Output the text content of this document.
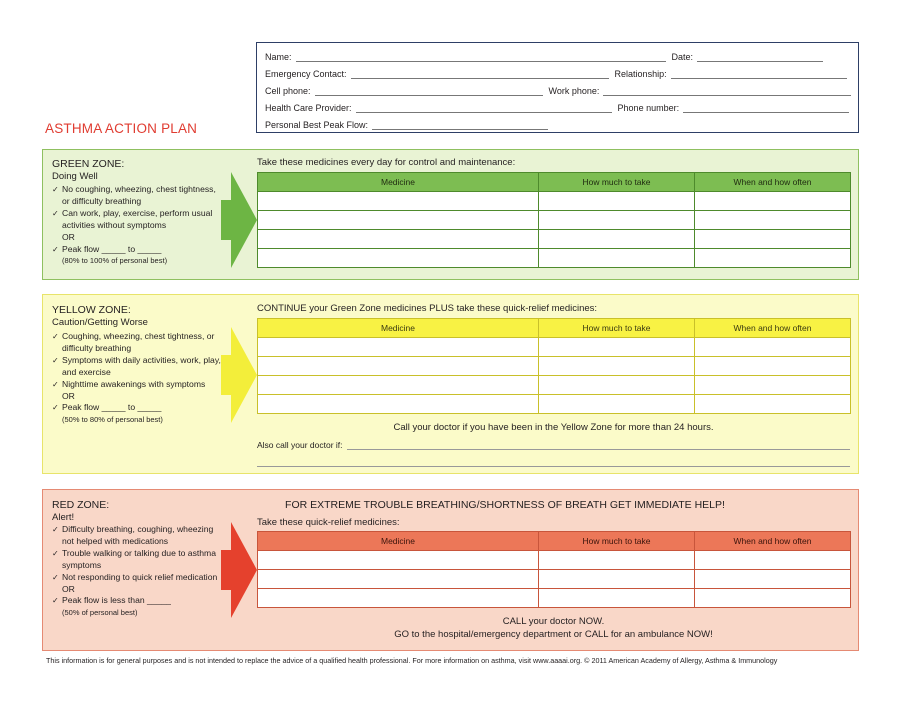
Name:	Date:
Emergency Contact:	Relationship:
Cell phone:	Work phone:
Health Care Provider:	Phone number:
Personal Best Peak Flow:
ASTHMA ACTION PLAN
GREEN ZONE:
Doing Well
✓ No coughing, wheezing, chest tightness, or difficulty breathing
✓ Can work, play, exercise, perform usual activities without symptoms
OR
✓ Peak flow _____ to _____
(80% to 100% of personal best)
Take these medicines every day for control and maintenance:
Medicine	How much to take	When and how often

YELLOW ZONE:
Caution/Getting Worse
✓ Coughing, wheezing, chest tightness, or difficulty breathing
✓ Symptoms with daily activities, work, play, and exercise
✓ Nighttime awakenings with symptoms
OR
✓ Peak flow _____ to _____
(50% to 80% of personal best)
CONTINUE your Green Zone medicines PLUS take these quick-relief medicines:
Medicine	How much to take	When and how often

Call your doctor if you have been in the Yellow Zone for more than 24 hours.
Also call your doctor if:
RED ZONE:
Alert!
✓ Difficulty breathing, coughing, wheezing not helped with medications
✓ Trouble walking or talking due to asthma symptoms
✓ Not responding to quick relief medication
OR
✓ Peak flow is less than _____
(50% of personal best)
FOR EXTREME TROUBLE BREATHING/SHORTNESS OF BREATH GET IMMEDIATE HELP!
Take these quick-relief medicines:
Medicine	How much to take	When and how often

CALL your doctor NOW.
GO to the hospital/emergency department or CALL for an ambulance NOW!
This information is for general purposes and is not intended to replace the advice of a qualified health professional. For more information on asthma, visit www.aaaai.org. © 2011 American Academy of Allergy, Asthma & Immunology
